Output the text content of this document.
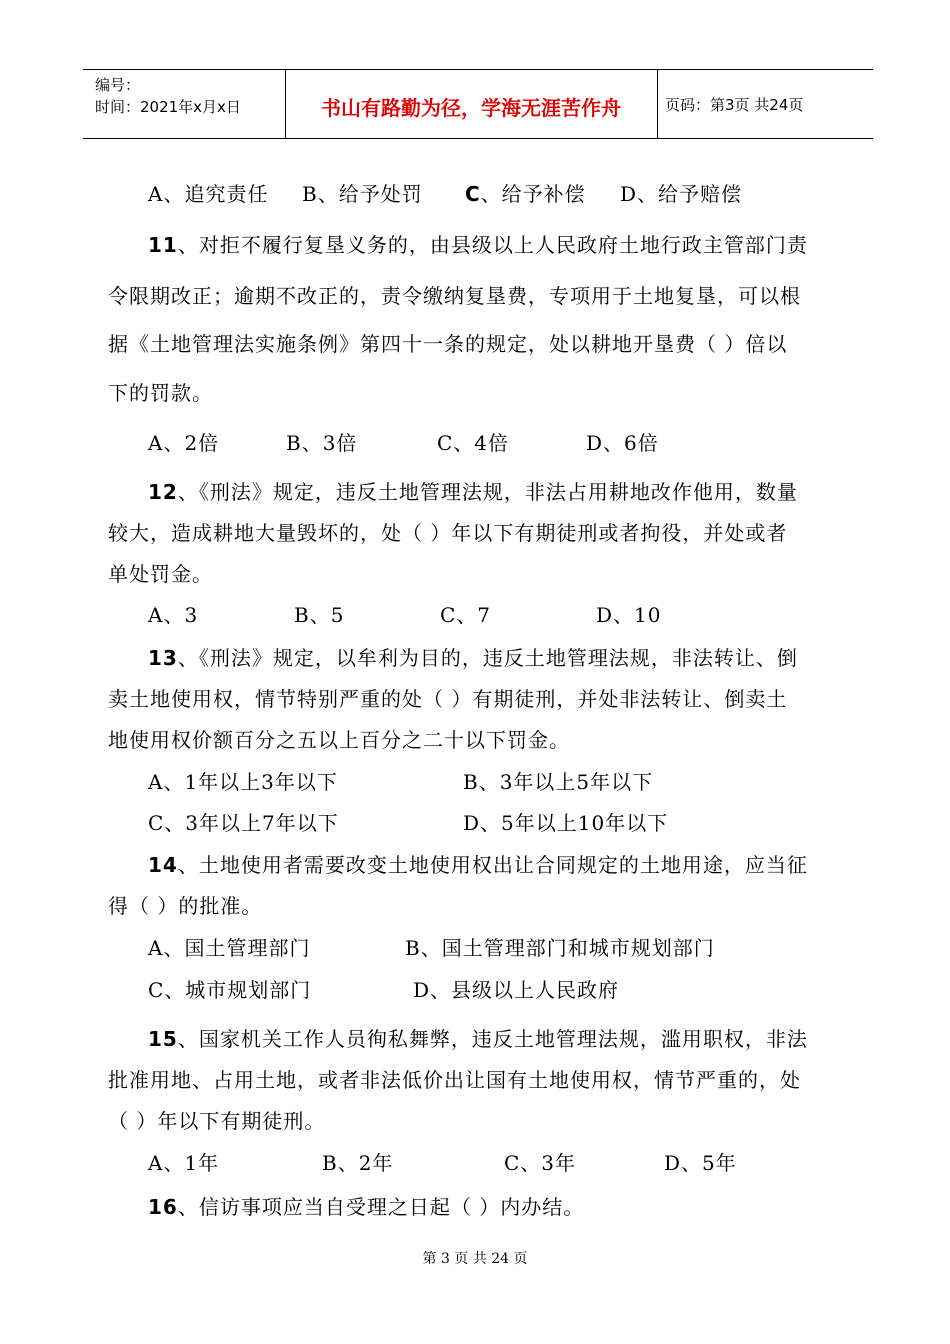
编号：
时间：2021年x月x日	书山有路勤为径，学海无涯苦作舟	页码：第3页 共24页
A、追究责任 B、给予处罚 C、给予补偿 D、给予赔偿
11、对拒不履行复垦义务的，由县级以上人民政府土地行政主管部门责
令限期改正；逾期不改正的，责令缴纳复垦费，专项用于土地复垦，可以根
据《土地管理法实施条例》第四十一条的规定，处以耕地开垦费（ ）倍以
下的罚款。
A、2倍	B、3倍	C、4倍	D、6倍
12、《刑法》规定，违反土地管理法规，非法占用耕地改作他用，数量
较大，造成耕地大量毁坏的，处（ ）年以下有期徒刑或者拘役，并处或者
单处罚金。
A、3	B、5	C、7	D、10
13、《刑法》规定，以牟利为目的，违反土地管理法规，非法转让、倒
卖土地使用权，情节特别严重的处（ ）有期徒刑，并处非法转让、倒卖土
地使用权价额百分之五以上百分之二十以下罚金。
A、1年以上3年以下	B、3年以上5年以下
C、3年以上7年以下	D、5年以上10年以下
14、土地使用者需要改变土地使用权出让合同规定的土地用途，应当征
得（ ）的批准。
A、国土管理部门	B、国土管理部门和城市规划部门
C、城市规划部门	D、县级以上人民政府
15、国家机关工作人员徇私舞弊，违反土地管理法规，滥用职权，非法
批准用地、占用土地，或者非法低价出让国有土地使用权，情节严重的，处
（ ）年以下有期徒刑。
A、1年	B、2年	C、3年	D、5年
16、信访事项应当自受理之日起（ ）内办结。
第 3 页 共 24 页
